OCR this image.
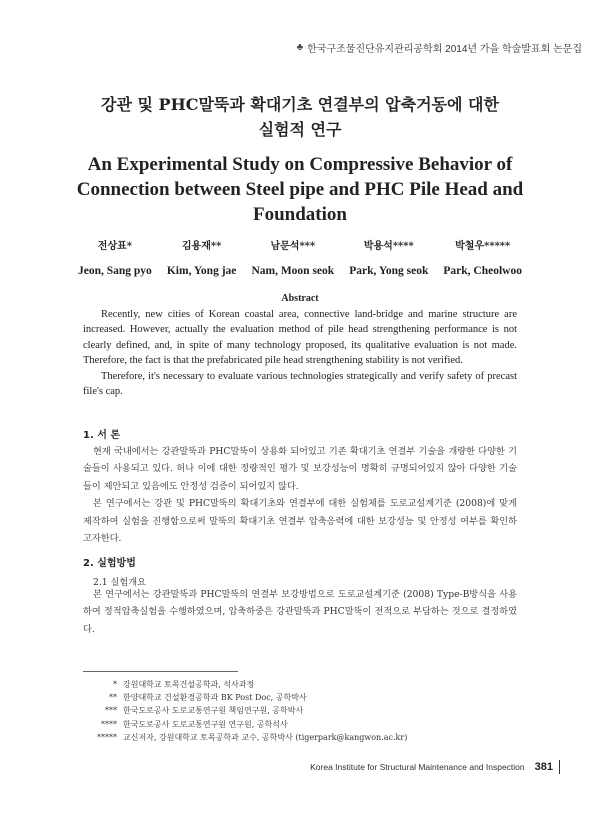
♣ 한국구조물진단유지관리공학회 2014년 가을 학술발표회 논문집
강관 및 PHC말뚝과 확대기초 연결부의 압축거동에 대한
실험적 연구
An Experimental Study on Compressive Behavior of
Connection between Steel pipe and PHC Pile Head and
Foundation
전상표*
Jeon, Sang pyo
김용재**
Kim, Yong jae
남문석***
Nam, Moon seok
박용석****
Park, Yong seok
박철우*****
Park, Cheolwoo
Abstract

Recently, new cities of Korean coastal area, connective land-bridge and marine structure are increased. However, actually the evaluation method of pile head strengthening performance is not clearly defined, and, in spite of many technology proposed, its qualitative evaluation is not made. Therefore, the fact is that the prefabricated pile head strengthening stability is not verified.

Therefore, it's necessary to evaluate various technologies strategically and verify safety of precast file's cap.

1. 서 론

현재 국내에서는 강관말뚝과 PHC말뚝이 상용화 되어있고 기존 확대기초 연결부 기술을 개량한 다양한 기술들이 사용되고 있다. 허나 이에 대한 정량적인 평가 및 보강성능이 명확히 규명되어있지 않아 다양한 기술들이 제안되고 있음에도 안정성 검증이 되어있지 않다.

본 연구에서는 강관 및 PHC말뚝의 확대기초와 연결부에 대한 실험체를 도로교설계기준 (2008)에 맞게 제작하여 실험을 진행함으로써 말뚝의 확대기초 연결부 압축응력에 대한 보강성능 및 안정성 여부를 확인하고자한다.

2. 실험방법
2.1 실험개요

본 연구에서는 강관말뚝과 PHC말뚝의 연결부 보강방법으로 도로교설계기준 (2008) Type-B방식을 사용하여 정적압축실험을 수행하였으며, 압축하중은 강관말뚝과 PHC말뚝이 전적으로 부담하는 것으로 결정하였다.

* 강원대학교 토목건설공학과, 석사과정
** 한양대학교 건설환경공학과 BK Post Doc, 공학박사
*** 한국도로공사 도로교통연구원 책임연구원, 공학박사
**** 한국도로공사 도로교통연구원 연구원, 공학석사
***** 교신저자, 강원대학교 토목공학과 교수, 공학박사 (tigerpark@kangwon.ac.kr)
Korea Institute for Structural Maintenance and Inspection 381
